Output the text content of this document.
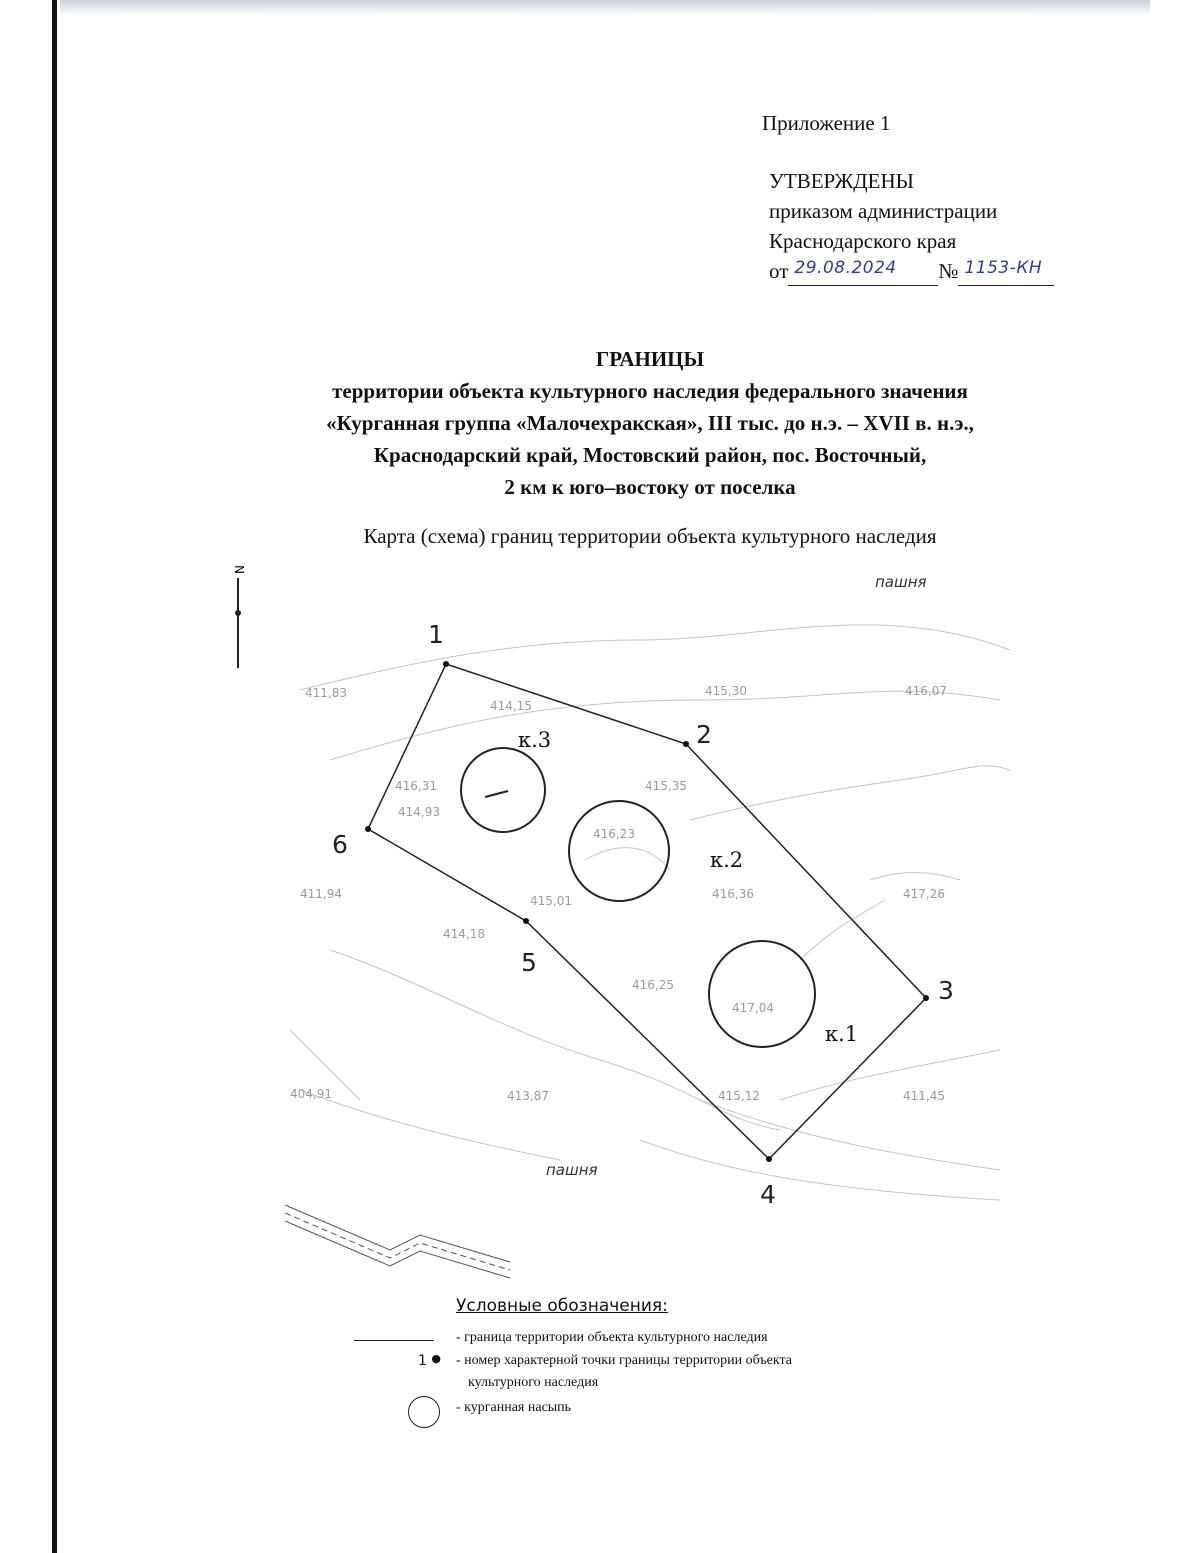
Приложение 1
УТВЕРЖДЕНЫ
приказом администрации
Краснодарского края
от 29.08.2024 № 1153-КН
ГРАНИЦЫ
территории объекта культурного наследия федерального значения
«Курганная группа «Малочехракская», III тыс. до н.э. – XVII в. н.э.,
Краснодарский край, Мостовский район, пос. Восточный,
2 км к юго–востоку от поселка
Карта (схема) границ территории объекта культурного наследия
N
411,83
414,15
415,30	416,07
416,31
414,93
415,35
416,23
411,94	416,36	417,26
414,18
415,01
416,25
417,04
404,91	413,87	415,12	411,45
пашня
пашня
1
2
3
4
5
6
к.3
к.2
к.1
Условные обозначения:
- граница территории объекта культурного наследия
1 ● - номер характерной точки границы территории объекта
культурного наследия
- курганная насыпь
